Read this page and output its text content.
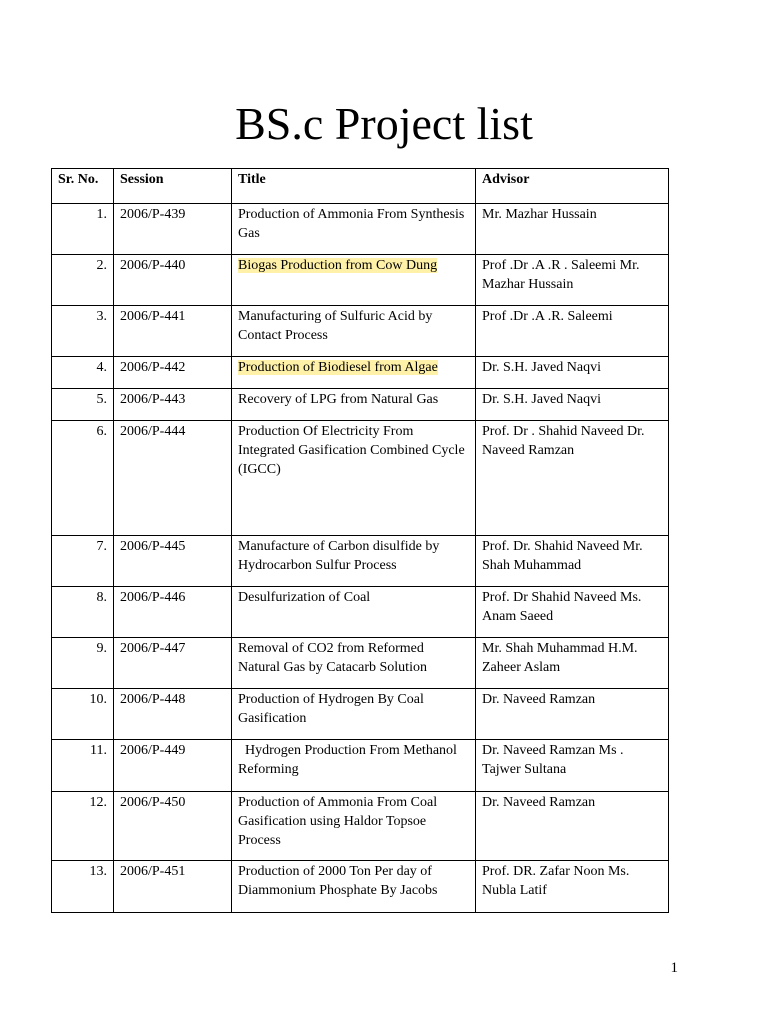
BS.c Project list
Sr. No.	Session	Title	Advisor
1.	2006/P-439	Production of Ammonia From Synthesis Gas	Mr. Mazhar Hussain
2.	2006/P-440	Biogas Production from Cow Dung	Prof .Dr .A .R . Saleemi Mr. Mazhar Hussain
3.	2006/P-441	Manufacturing of Sulfuric Acid by Contact Process	Prof .Dr .A .R. Saleemi
4.	2006/P-442	Production of Biodiesel from Algae	Dr. S.H. Javed Naqvi
5.	2006/P-443	Recovery of LPG from Natural Gas	Dr. S.H. Javed Naqvi
6.	2006/P-444	Production Of Electricity From Integrated Gasification Combined Cycle (IGCC)	Prof. Dr . Shahid Naveed Dr. Naveed Ramzan
7.	2006/P-445	Manufacture of Carbon disulfide by Hydrocarbon Sulfur Process	Prof. Dr. Shahid Naveed Mr. Shah Muhammad
8.	2006/P-446	Desulfurization of Coal	Prof. Dr Shahid Naveed Ms. Anam Saeed
9.	2006/P-447	Removal of CO2 from Reformed Natural Gas by Catacarb Solution	Mr. Shah Muhammad H.M. Zaheer Aslam
10.	2006/P-448	Production of Hydrogen By Coal Gasification	Dr. Naveed Ramzan
11.	2006/P-449	Hydrogen Production From Methanol Reforming	Dr. Naveed Ramzan Ms . Tajwer Sultana
12.	2006/P-450	Production of Ammonia From Coal Gasification using Haldor Topsoe Process	Dr. Naveed Ramzan
13.	2006/P-451	Production of 2000 Ton Per day of Diammonium Phosphate By Jacobs	Prof. DR. Zafar Noon Ms. Nubla Latif
1
